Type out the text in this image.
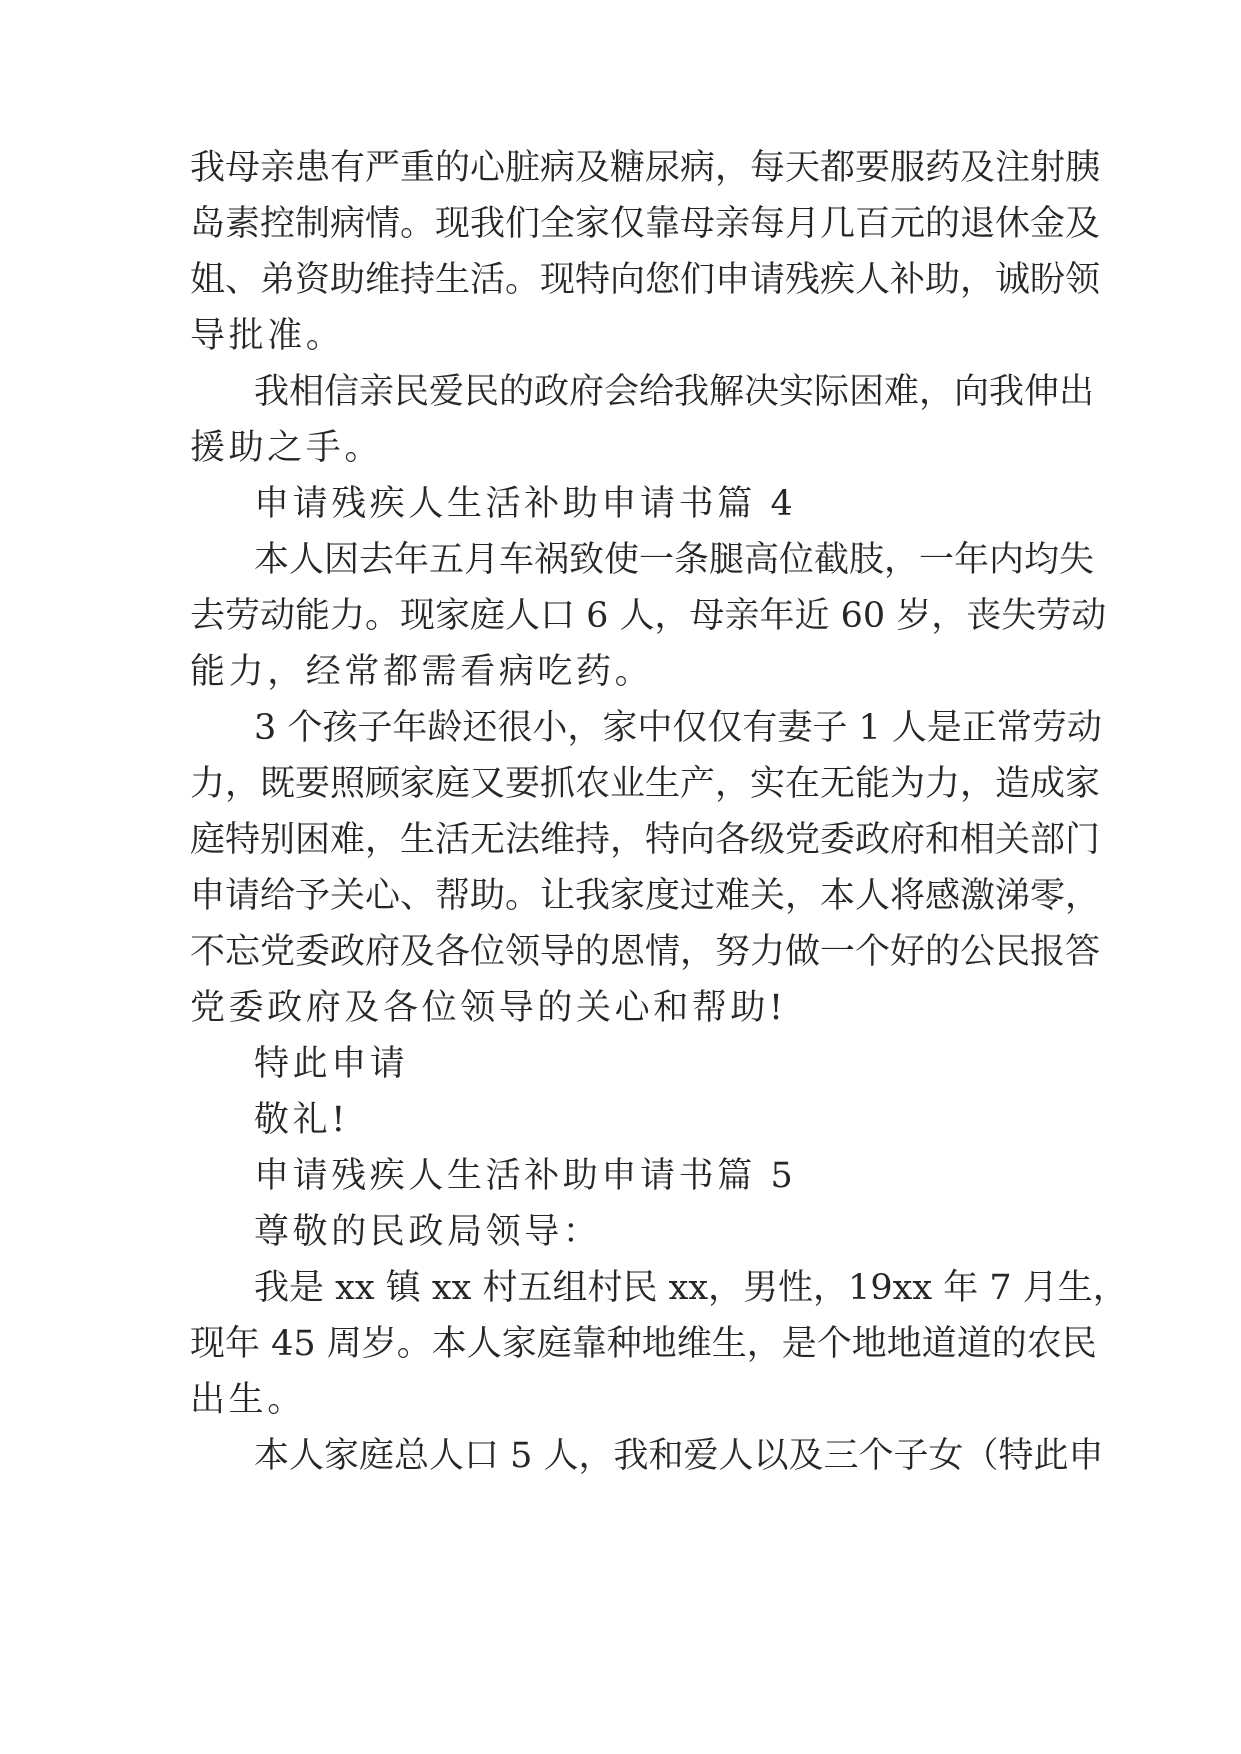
我母亲患有严重的心脏病及糖尿病，每天都要服药及注射胰
岛素控制病情。现我们全家仅靠母亲每月几百元的退休金及
姐、弟资助维持生活。现特向您们申请残疾人补助，诚盼领
导批准。
我相信亲民爱民的政府会给我解决实际困难，向我伸出
援助之手。
申请残疾人生活补助申请书篇 4
本人因去年五月车祸致使一条腿高位截肢，一年内均失
去劳动能力。现家庭人口 6 人，母亲年近 60 岁，丧失劳动
能力，经常都需看病吃药。
3 个孩子年龄还很小，家中仅仅有妻子 1 人是正常劳动
力，既要照顾家庭又要抓农业生产，实在无能为力，造成家
庭特别困难，生活无法维持，特向各级党委政府和相关部门
申请给予关心、帮助。让我家度过难关，本人将感激涕零，
不忘党委政府及各位领导的恩情，努力做一个好的公民报答
党委政府及各位领导的关心和帮助!
特此申请
敬礼!
申请残疾人生活补助申请书篇 5
尊敬的民政局领导：
我是 xx 镇 xx 村五组村民 xx，男性，19xx 年 7 月生，
现年 45 周岁。本人家庭靠种地维生，是个地地道道的农民
出生。
本人家庭总人口 5 人，我和爱人以及三个子女（特此申
